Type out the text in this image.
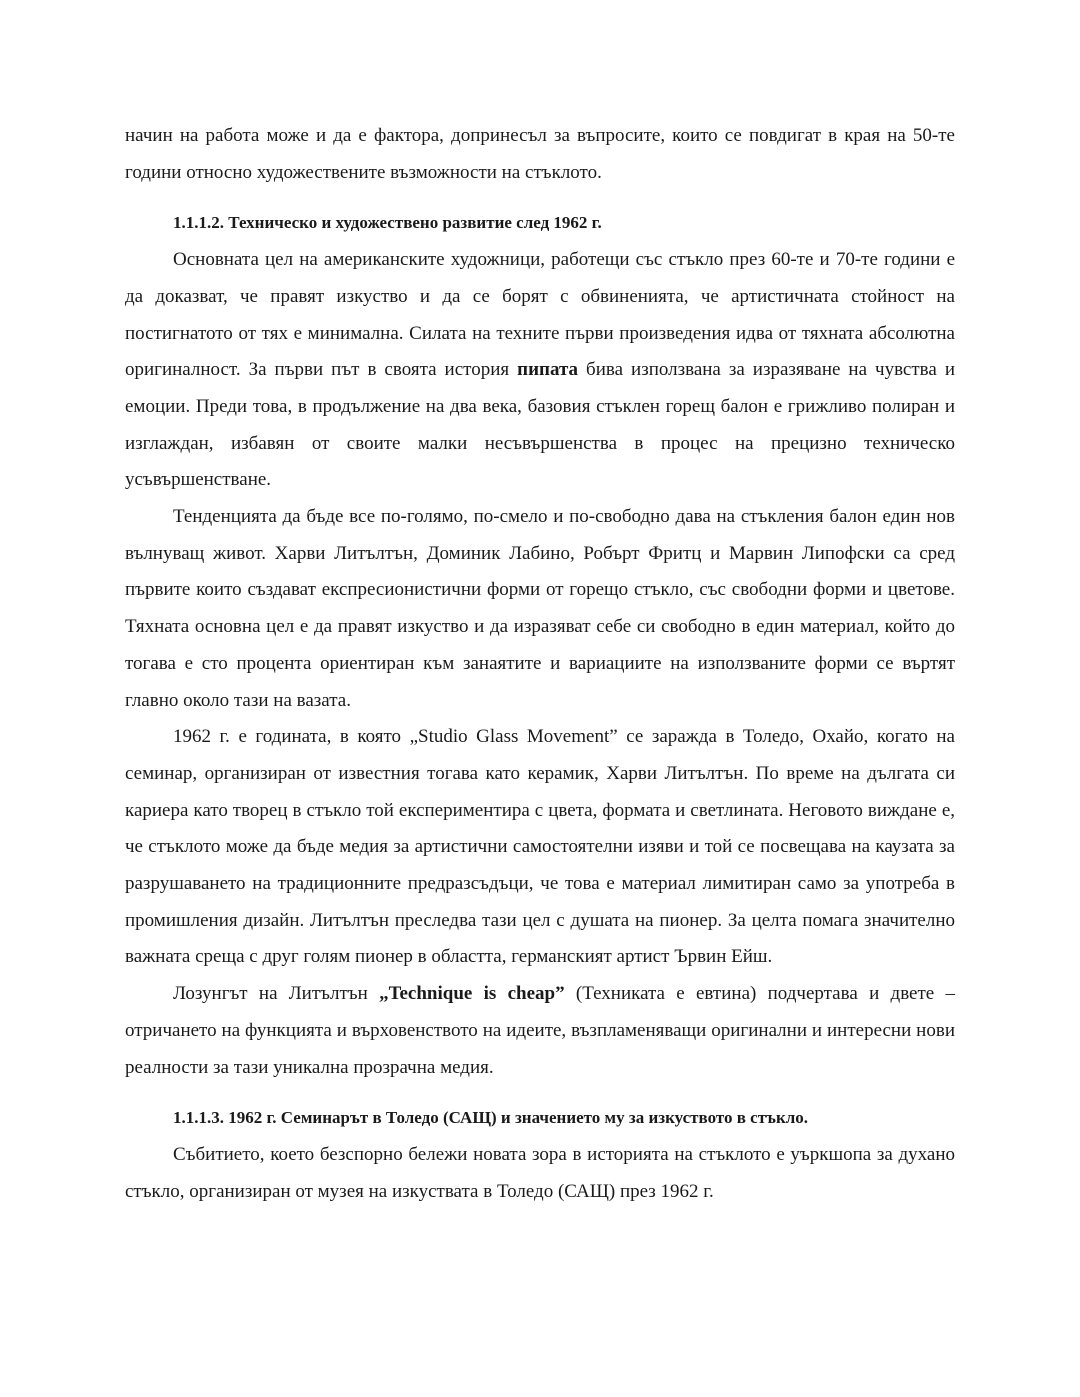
начин на работа може и да е фактора, допринесъл за въпросите, които се повдигат в края на 50-те години относно художествените възможности на стъклото.

1.1.1.2. Техническо и художествено развитие след 1962 г.

Основната цел на американските художници, работещи със стъкло през 60-те и 70-те години е да доказват, че правят изкуство и да се борят с обвиненията, че артистичната стойност на постигнатото от тях е минимална. Силата на техните първи произведения идва от тяхната абсолютна оригиналност. За първи път в своята история пипата бива използвана за изразяване на чувства и емоции. Преди това, в продължение на два века, базовия стъклен горещ балон е грижливо полиран и изглаждан, избавян от своите малки несъвършенства в процес на прецизно техническо усъвършенстване.

Тенденцията да бъде все по-голямо, по-смело и по-свободно дава на стъкления балон един нов вълнуващ живот. Харви Литълтън, Доминик Лабино, Робърт Фритц и Марвин Липофски са сред първите които създават експресионистични форми от горещо стъкло, със свободни форми и цветове. Тяхната основна цел е да правят изкуство и да изразяват себе си свободно в един материал, който до тогава е сто процента ориентиран към занаятите и вариациите на използваните форми се въртят главно около тази на вазата.

1962 г. е годината, в която „Studio Glass Movement” се заражда в Толедо, Охайо, когато на семинар, организиран от известния тогава като керамик, Харви Литълтън. По време на дългата си кариера като творец в стъкло той експериментира с цвета, формата и светлината. Неговото виждане е, че стъклото може да бъде медия за артистични самостоятелни изяви и той се посвещава на каузата за разрушаването на традиционните предразсъдъци, че това е материал лимитиран само за употреба в промишления дизайн. Литълтън преследва тази цел с душата на пионер. За целта помага значително важната среща с друг голям пионер в областта, германският артист Ървин Ейш.

Лозунгът на Литълтън „Technique is cheap” (Техниката е евтина) подчертава и двете – отричането на функцията и върховенството на идеите, възпламеняващи оригинални и интересни нови реалности за тази уникална прозрачна медия.

1.1.1.3. 1962 г. Семинарът в Толедо (САЩ) и значението му за изкуството в стъкло.

Събитието, което безспорно бележи новата зора в историята на стъклото е уъркшопа за духано стъкло, организиран от музея на изкуствата в Толедо (САЩ) през 1962 г.
